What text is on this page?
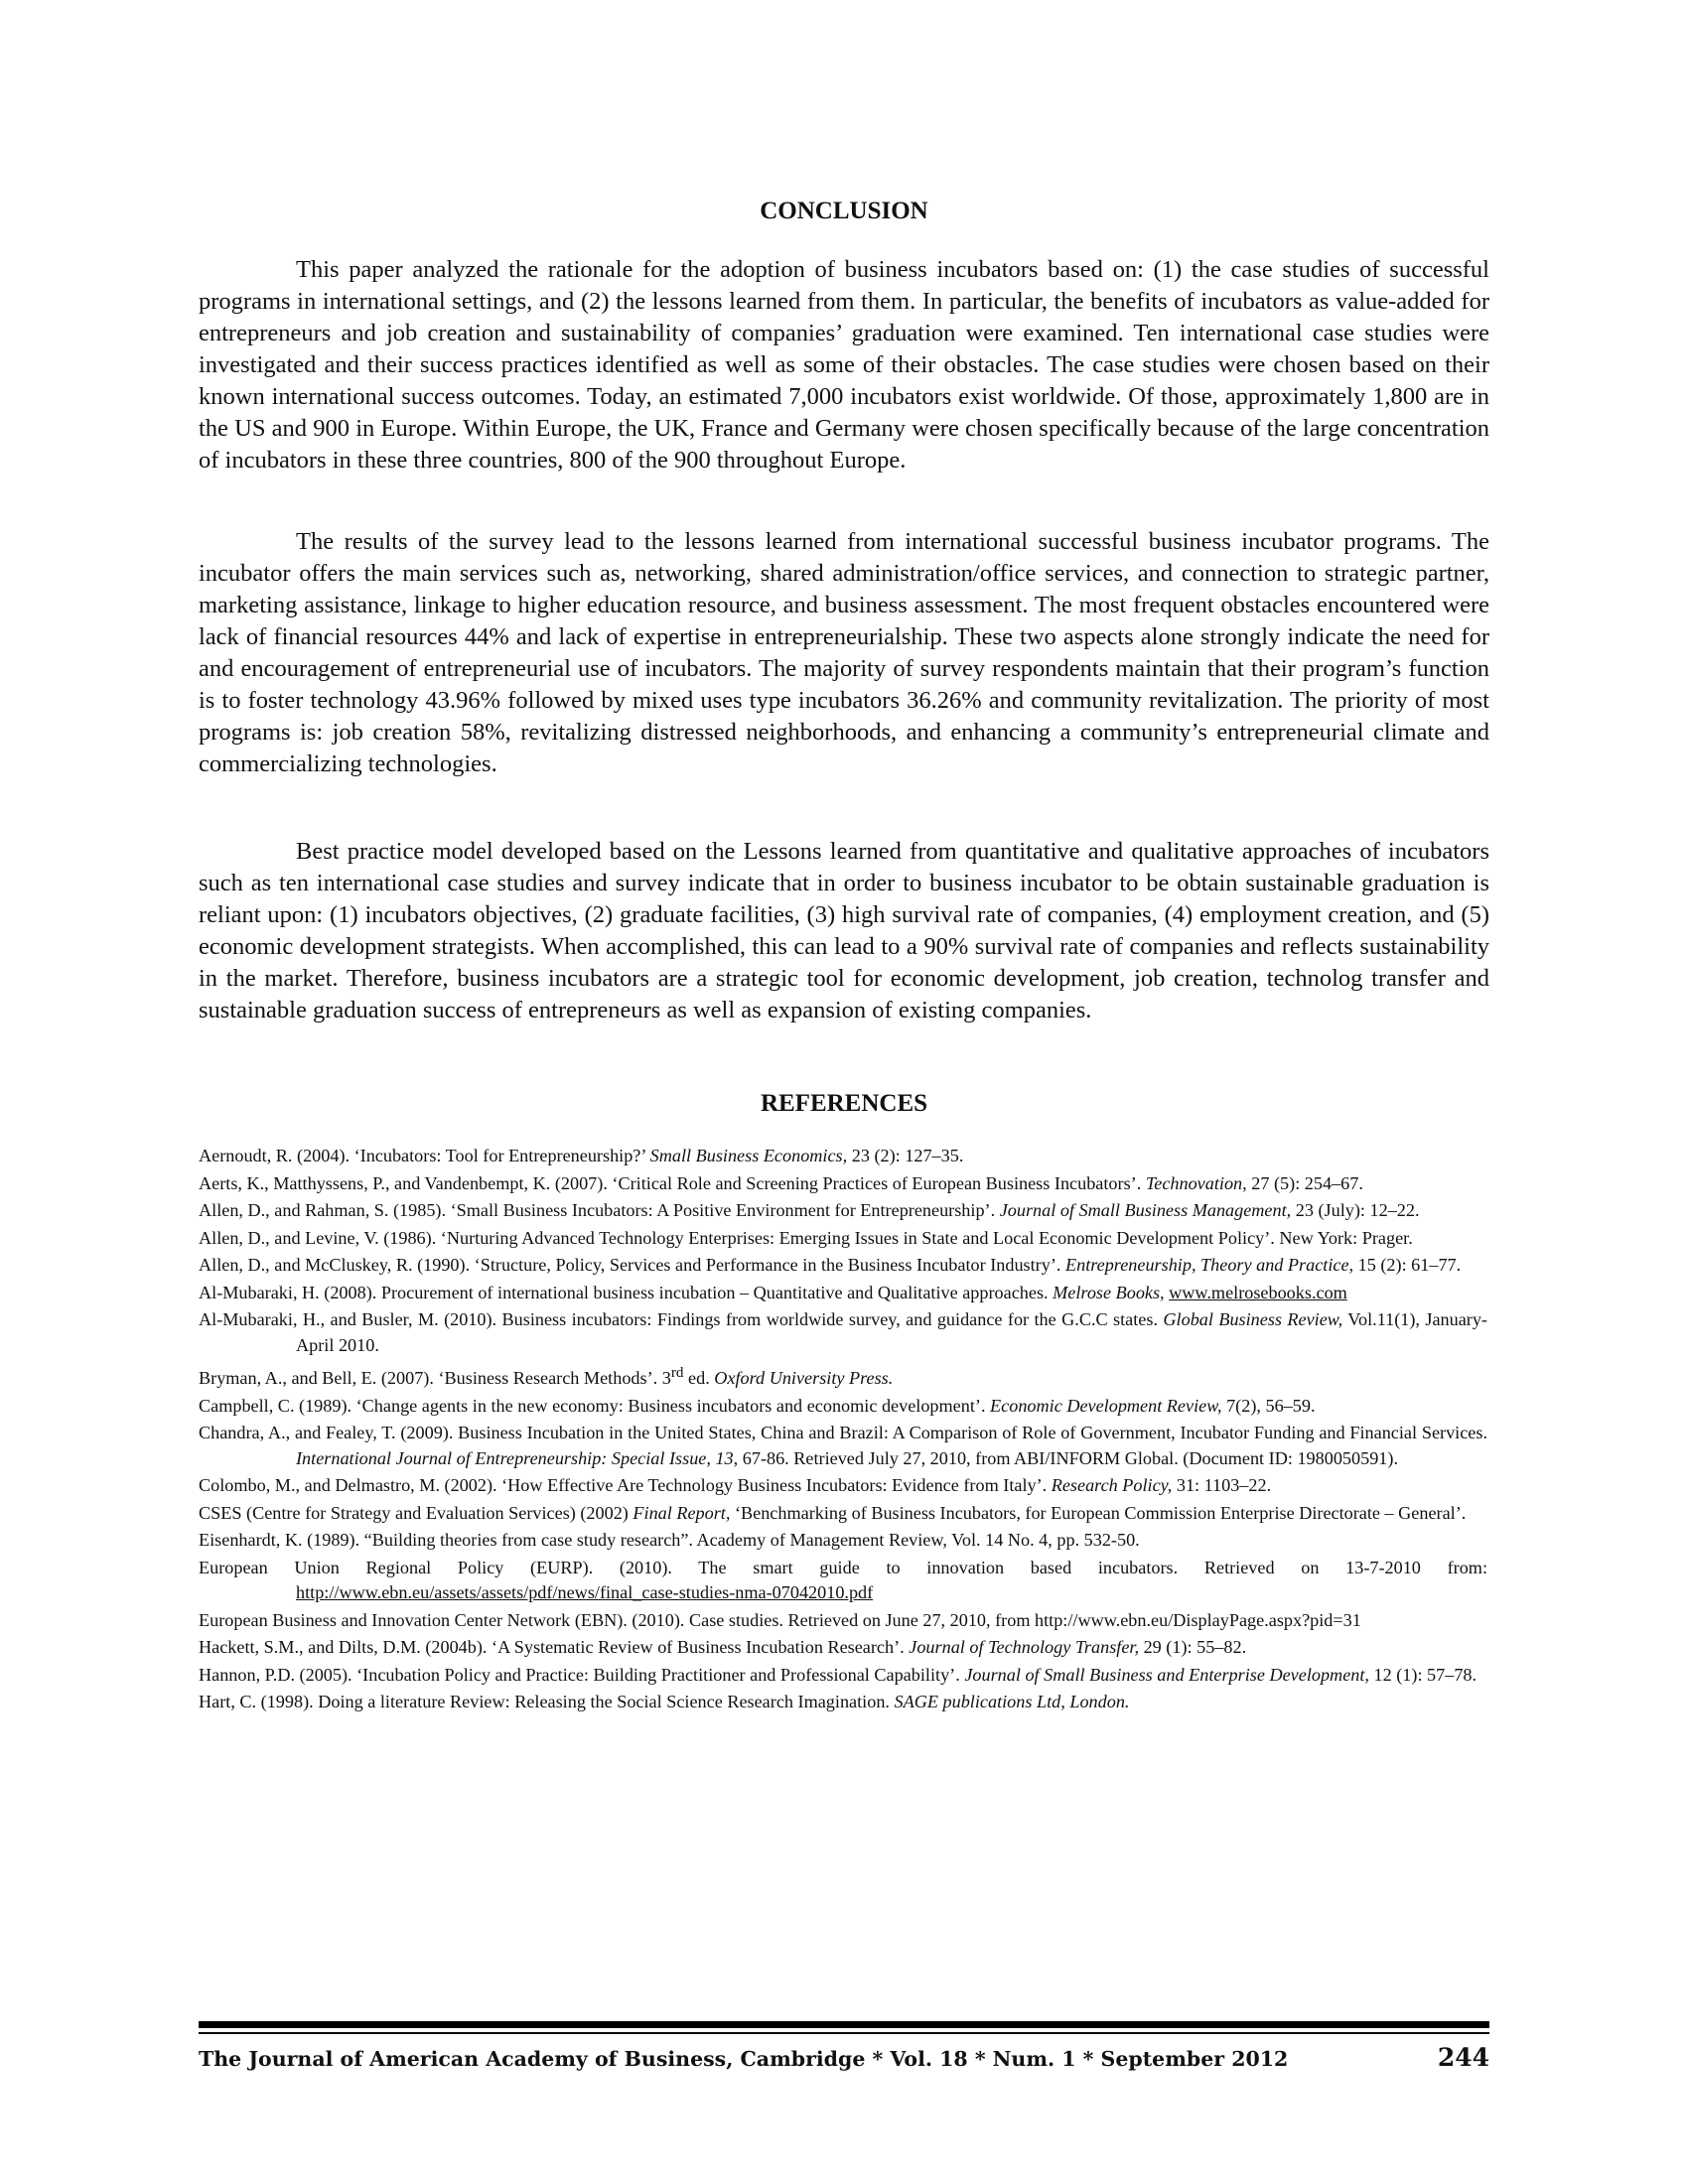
CONCLUSION

This paper analyzed the rationale for the adoption of business incubators based on: (1) the case studies of successful programs in international settings, and (2) the lessons learned from them. In particular, the benefits of incubators as value-added for entrepreneurs and job creation and sustainability of companies’ graduation were examined. Ten international case studies were investigated and their success practices identified as well as some of their obstacles. The case studies were chosen based on their known international success outcomes. Today, an estimated 7,000 incubators exist worldwide. Of those, approximately 1,800 are in the US and 900 in Europe. Within Europe, the UK, France and Germany were chosen specifically because of the large concentration of incubators in these three countries, 800 of the 900 throughout Europe.

The results of the survey lead to the lessons learned from international successful business incubator programs. The incubator offers the main services such as, networking, shared administration/office services, and connection to strategic partner, marketing assistance, linkage to higher education resource, and business assessment. The most frequent obstacles encountered were lack of financial resources 44% and lack of expertise in entrepreneurialship. These two aspects alone strongly indicate the need for and encouragement of entrepreneurial use of incubators. The majority of survey respondents maintain that their program’s function is to foster technology 43.96% followed by mixed uses type incubators 36.26% and community revitalization. The priority of most programs is: job creation 58%, revitalizing distressed neighborhoods, and enhancing a community’s entrepreneurial climate and commercializing technologies.

Best practice model developed based on the Lessons learned from quantitative and qualitative approaches of incubators such as ten international case studies and survey indicate that in order to business incubator to be obtain sustainable graduation is reliant upon: (1) incubators objectives, (2) graduate facilities, (3) high survival rate of companies, (4) employment creation, and (5) economic development strategists. When accomplished, this can lead to a 90% survival rate of companies and reflects sustainability in the market. Therefore, business incubators are a strategic tool for economic development, job creation, technolog transfer and sustainable graduation success of entrepreneurs as well as expansion of existing companies.

REFERENCES

Aernoudt, R. (2004). ‘Incubators: Tool for Entrepreneurship?’ Small Business Economics, 23 (2): 127–35.

Aerts, K., Matthyssens, P., and Vandenbempt, K. (2007). ‘Critical Role and Screening Practices of European Business Incubators’. Technovation, 27 (5): 254–67.

Allen, D., and Rahman, S. (1985). ‘Small Business Incubators: A Positive Environment for Entrepreneurship’. Journal of Small Business Management, 23 (July): 12–22.

Allen, D., and Levine, V. (1986). ‘Nurturing Advanced Technology Enterprises: Emerging Issues in State and Local Economic Development Policy’. New York: Prager.

Allen, D., and McCluskey, R. (1990). ‘Structure, Policy, Services and Performance in the Business Incubator Industry’. Entrepreneurship, Theory and Practice, 15 (2): 61–77.

Al-Mubaraki, H. (2008). Procurement of international business incubation – Quantitative and Qualitative approaches. Melrose Books, www.melrosebooks.com

Al-Mubaraki, H., and Busler, M. (2010). Business incubators: Findings from worldwide survey, and guidance for the G.C.C states. Global Business Review, Vol.11(1), January-April 2010.

Bryman, A., and Bell, E. (2007). ‘Business Research Methods’. 3rd ed. Oxford University Press.

Campbell, C. (1989). ‘Change agents in the new economy: Business incubators and economic development’. Economic Development Review, 7(2), 56–59.

Chandra, A., and Fealey, T. (2009). Business Incubation in the United States, China and Brazil: A Comparison of Role of Government, Incubator Funding and Financial Services. International Journal of Entrepreneurship: Special Issue, 13, 67-86. Retrieved July 27, 2010, from ABI/INFORM Global. (Document ID: 1980050591).

Colombo, M., and Delmastro, M. (2002). ‘How Effective Are Technology Business Incubators: Evidence from Italy’. Research Policy, 31: 1103–22.

CSES (Centre for Strategy and Evaluation Services) (2002) Final Report, ‘Benchmarking of Business Incubators, for European Commission Enterprise Directorate – General’.

Eisenhardt, K. (1989). “Building theories from case study research”. Academy of Management Review, Vol. 14 No. 4, pp. 532-50.

European Union Regional Policy (EURP). (2010). The smart guide to innovation based incubators. Retrieved on 13-7-2010 from: http://www.ebn.eu/assets/assets/pdf/news/final_case-studies-nma-07042010.pdf

European Business and Innovation Center Network (EBN). (2010). Case studies. Retrieved on June 27, 2010, from http://www.ebn.eu/DisplayPage.aspx?pid=31

Hackett, S.M., and Dilts, D.M. (2004b). ‘A Systematic Review of Business Incubation Research’. Journal of Technology Transfer, 29 (1): 55–82.

Hannon, P.D. (2005). ‘Incubation Policy and Practice: Building Practitioner and Professional Capability’. Journal of Small Business and Enterprise Development, 12 (1): 57–78.

Hart, C. (1998). Doing a literature Review: Releasing the Social Science Research Imagination. SAGE publications Ltd, London.

The Journal of American Academy of Business, Cambridge * Vol. 18 * Num. 1 * September 2012	244
